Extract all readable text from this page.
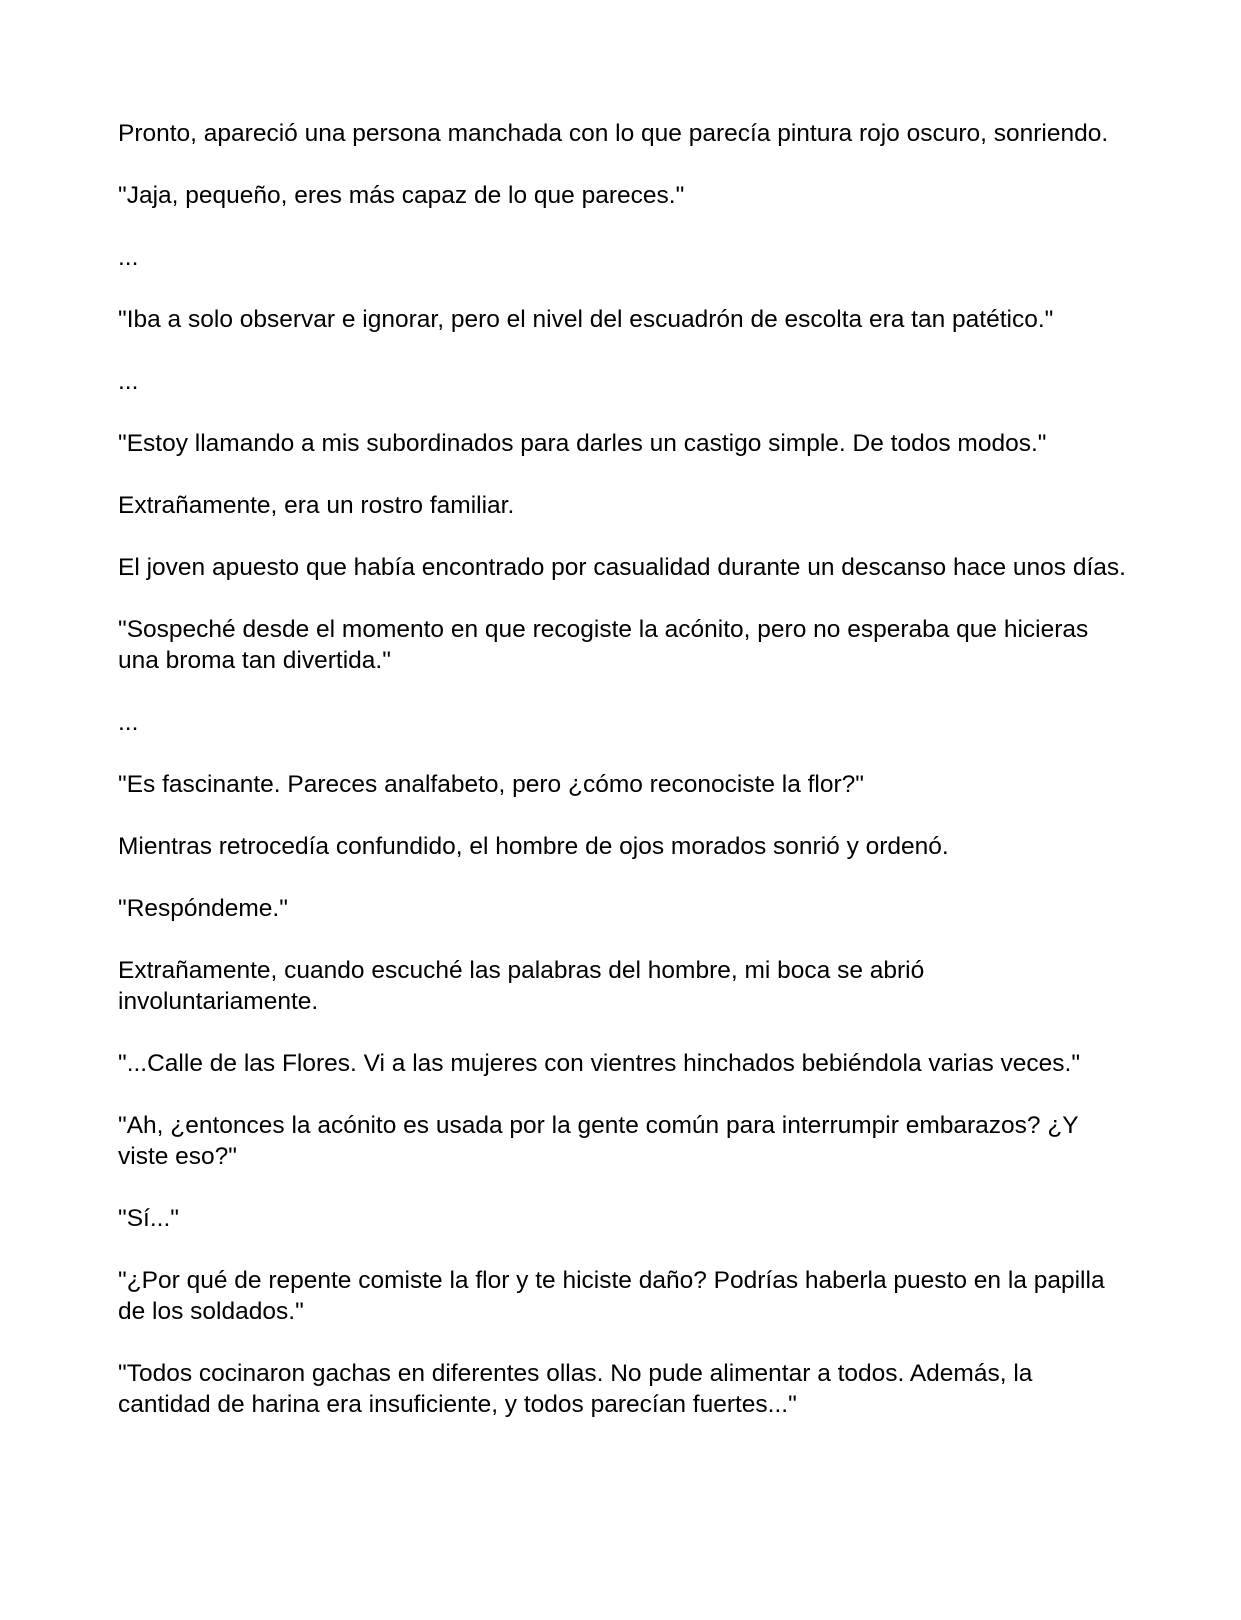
Pronto, apareció una persona manchada con lo que parecía pintura rojo oscuro, sonriendo.

"Jaja, pequeño, eres más capaz de lo que pareces."

...

"Iba a solo observar e ignorar, pero el nivel del escuadrón de escolta era tan patético."

...

"Estoy llamando a mis subordinados para darles un castigo simple. De todos modos."

Extrañamente, era un rostro familiar.

El joven apuesto que había encontrado por casualidad durante un descanso hace unos días.

"Sospeché desde el momento en que recogiste la acónito, pero no esperaba que hicieras una broma tan divertida."

...

"Es fascinante. Pareces analfabeto, pero ¿cómo reconociste la flor?"

Mientras retrocedía confundido, el hombre de ojos morados sonrió y ordenó.

"Respóndeme."

Extrañamente, cuando escuché las palabras del hombre, mi boca se abrió involuntariamente.

"...Calle de las Flores. Vi a las mujeres con vientres hinchados bebiéndola varias veces."

"Ah, ¿entonces la acónito es usada por la gente común para interrumpir embarazos? ¿Y viste eso?"

"Sí..."

"¿Por qué de repente comiste la flor y te hiciste daño? Podrías haberla puesto en la papilla de los soldados."

"Todos cocinaron gachas en diferentes ollas. No pude alimentar a todos. Además, la cantidad de harina era insuficiente, y todos parecían fuertes..."
